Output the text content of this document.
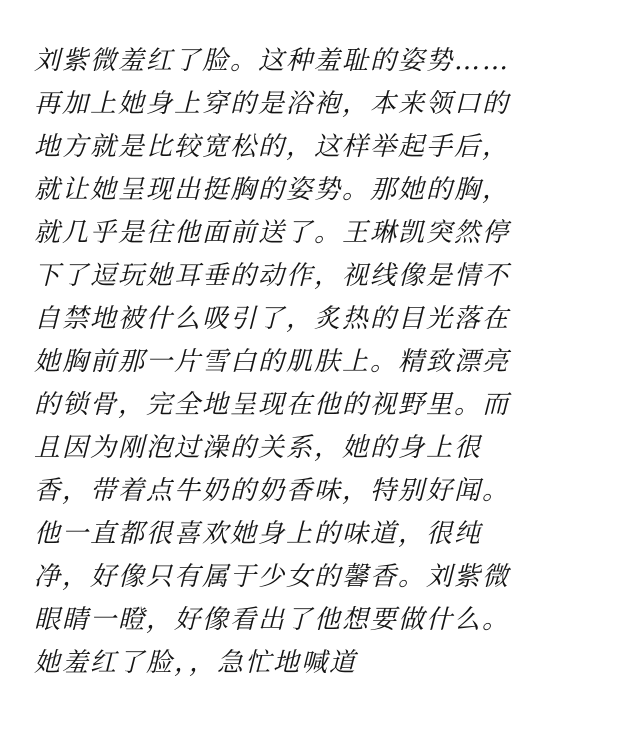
刘紫微羞红了脸。这种羞耻的姿势……
再加上她身上穿的是浴袍，本来领口的
地方就是比较宽松的，这样举起手后，
就让她呈现出挺胸的姿势。那她的胸，
就几乎是往他面前送了。王琳凯突然停
下了逗玩她耳垂的动作，视线像是情不
自禁地被什么吸引了，炙热的目光落在
她胸前那一片雪白的肌肤上。精致漂亮
的锁骨，完全地呈现在他的视野里。而
且因为刚泡过澡的关系，她的身上很
香，带着点牛奶的奶香味，特别好闻。
他一直都很喜欢她身上的味道，很纯
净，好像只有属于少女的馨香。刘紫微
眼睛一瞪，好像看出了他想要做什么。
她羞红了脸，，急忙地喊道
